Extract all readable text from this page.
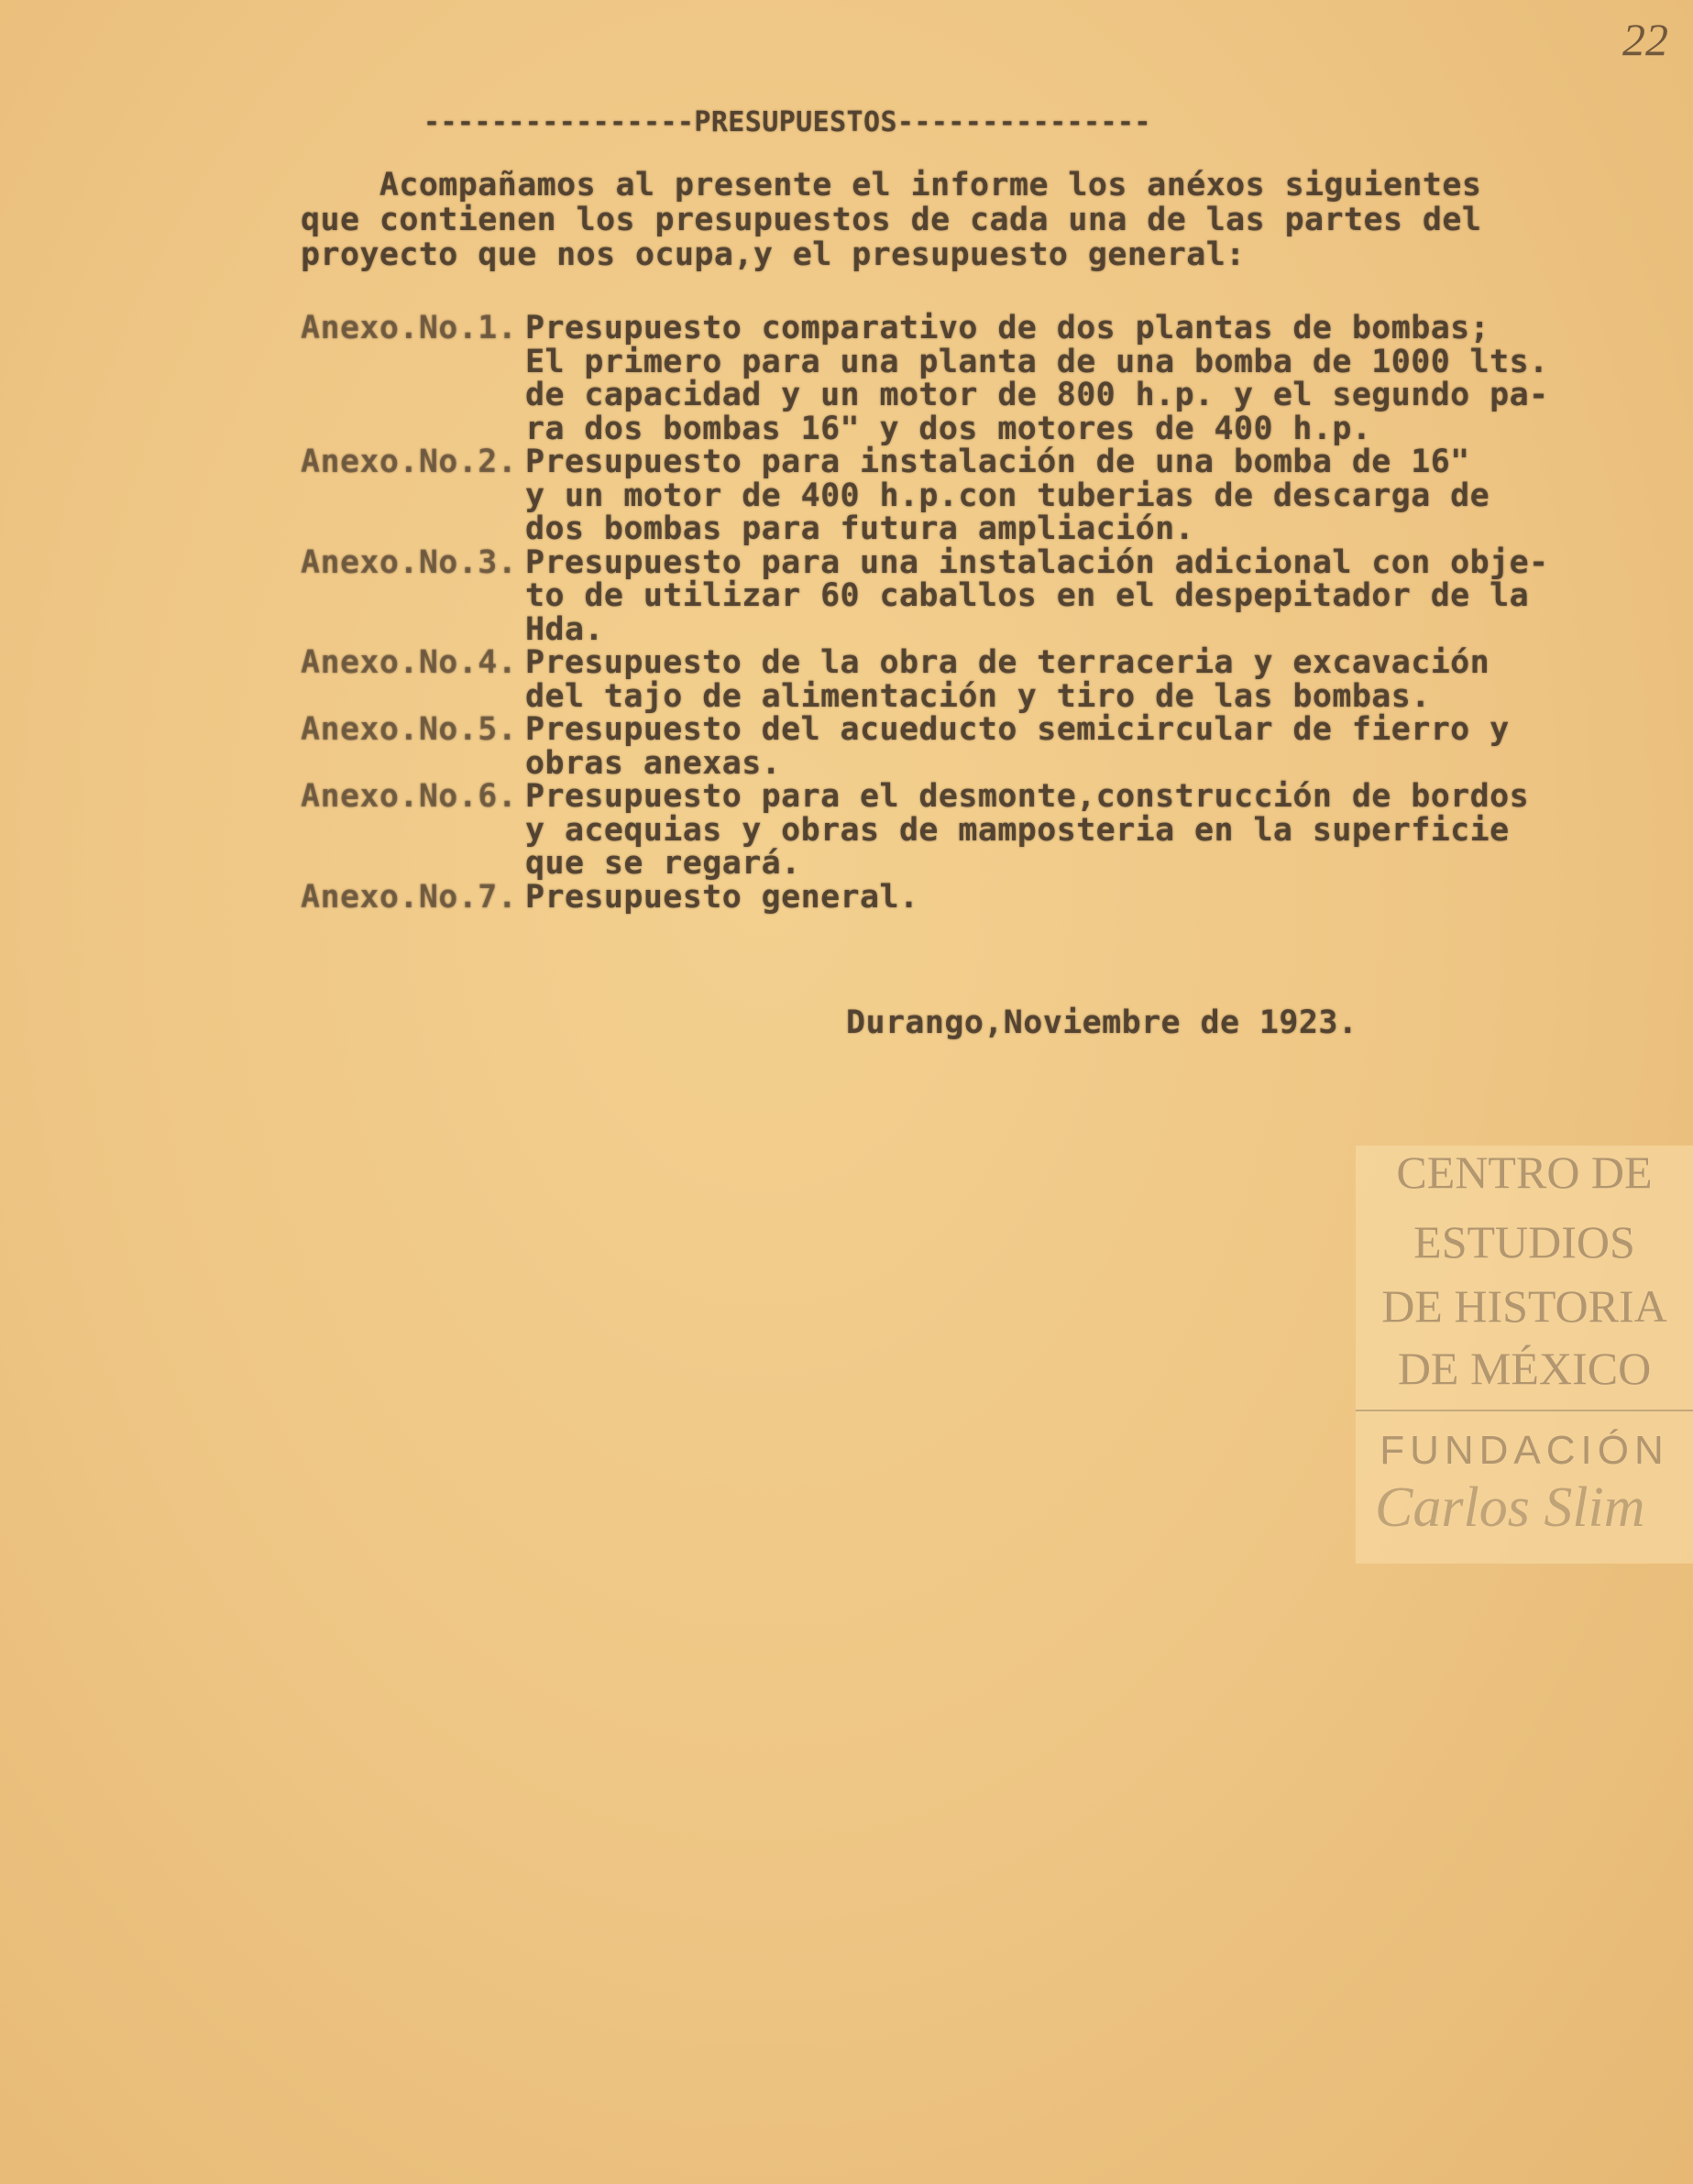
CENTRO DE
ESTUDIOS
DE HISTORIA
DE MÉXICO
FUNDACIÓN
Carlos Slim
22
----------------PRESUPUESTOS---------------
Acompañamos al presente el informe los anéxos siguientes
que contienen los presupuestos de cada una de las partes del
proyecto que nos ocupa,y el presupuesto general:
Anexo.No.1. Presupuesto comparativo de dos plantas de bombas;
El primero para una planta de una bomba de 1000 lts.
de capacidad y un motor de 800 h.p. y el segundo pa-
ra dos bombas 16" y dos motores de 400 h.p.
Anexo.No.2. Presupuesto para instalación de una bomba de 16"
y un motor de 400 h.p.con tuberias de descarga de
dos bombas para futura ampliación.
Anexo.No.3. Presupuesto para una instalación adicional con obje-
to de utilizar 60 caballos en el despepitador de la
Hda.
Anexo.No.4. Presupuesto de la obra de terraceria y excavación
del tajo de alimentación y tiro de las bombas.
Anexo.No.5. Presupuesto del acueducto semicircular de fierro y
obras anexas.
Anexo.No.6. Presupuesto para el desmonte,construcción de bordos
y acequias y obras de mamposteria en la superficie
que se regará.
Anexo.No.7. Presupuesto general.
Durango,Noviembre de 1923.
